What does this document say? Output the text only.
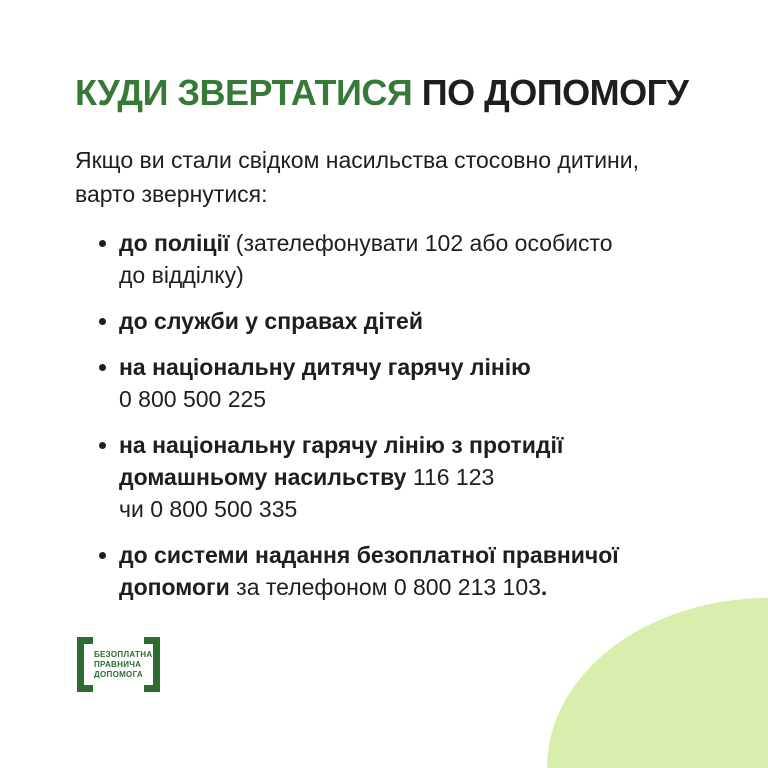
КУДИ ЗВЕРТАТИСЯ ПО ДОПОМОГУ

Якщо ви стали свідком насильства стосовно дитини,
варто звернутися:

до поліції (зателефонувати 102 або особисто
до відділку)
до служби у справах дітей
на національну дитячу гарячу лінію
0 800 500 225
на національну гарячу лінію з протидії
домашньому насильству 116 123
чи 0 800 500 335
до системи надання безоплатної правничої
допомоги за телефоном 0 800 213 103.
БЕЗОПЛАТНА
ПРАВНИЧА
ДОПОМОГА
